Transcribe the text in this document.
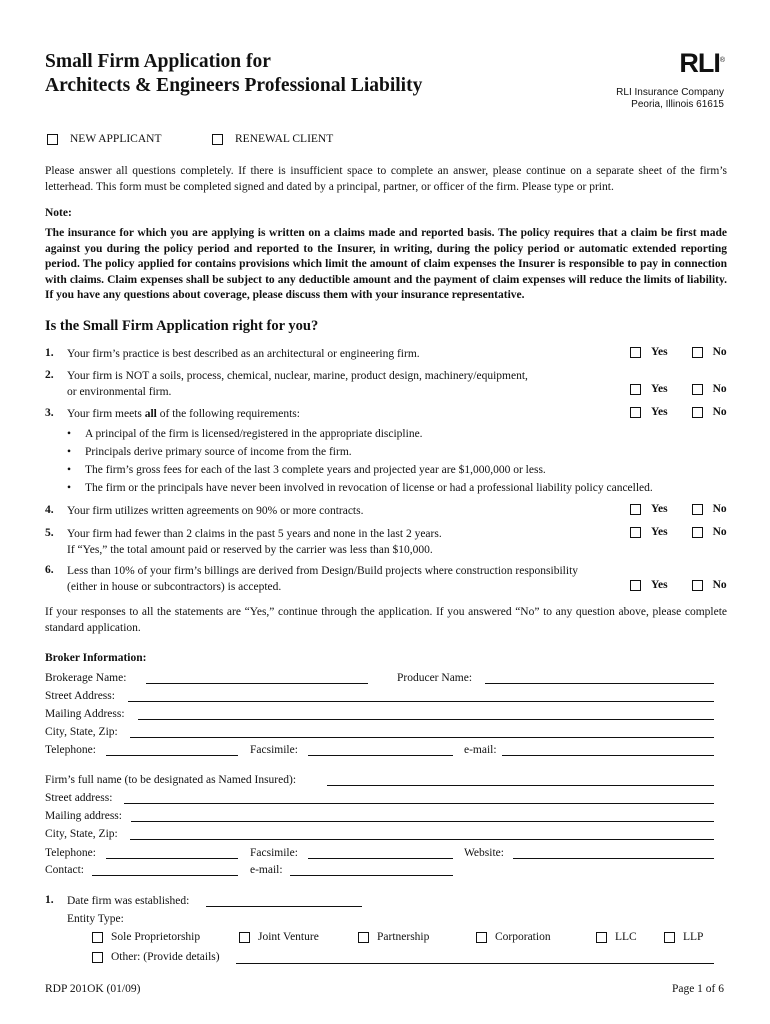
Small Firm Application for
Architects & Engineers Professional Liability
RLI®
RLI Insurance Company
Peoria, Illinois 61615
NEW APPLICANT	RENEWAL CLIENT
Please answer all questions completely. If there is insufficient space to complete an answer, please continue on a separate sheet of the firm’s letterhead. This form must be completed signed and dated by a principal, partner, or officer of the firm. Please type or print.
Note:
The insurance for which you are applying is written on a claims made and reported basis. The policy requires that a claim be first made against you during the policy period and reported to the Insurer, in writing, during the policy period or automatic extended reporting period. The policy applied for contains provisions which limit the amount of claim expenses the Insurer is responsible to pay in connection with claims. Claim expenses shall be subject to any deductible amount and the payment of claim expenses will reduce the limits of liability. If you have any questions about coverage, please discuss them with your insurance representative.
Is the Small Firm Application right for you?
1. Your firm’s practice is best described as an architectural or engineering firm.	Yes	No
2. Your firm is NOT a soils, process, chemical, nuclear, marine, product design, machinery/equipment,
or environmental firm.	Yes	No
3. Your firm meets all of the following requirements:	Yes	No
• A principal of the firm is licensed/registered in the appropriate discipline.
• Principals derive primary source of income from the firm.
• The firm’s gross fees for each of the last 3 complete years and projected year are $1,000,000 or less.
• The firm or the principals have never been involved in revocation of license or had a professional liability policy cancelled.
4. Your firm utilizes written agreements on 90% or more contracts.	Yes	No
5. Your firm had fewer than 2 claims in the past 5 years and none in the last 2 years.
If “Yes,” the total amount paid or reserved by the carrier was less than $10,000.
Yes	No
6. Less than 10% of your firm’s billings are derived from Design/Build projects where construction responsibility
(either in house or subcontractors) is accepted.	Yes	No
If your responses to all the statements are “Yes,” continue through the application. If you answered “No” to any question above, please complete standard application.
Broker Information:
Brokerage Name:	Producer Name:
Street Address:
Mailing Address:
City, State, Zip:
Telephone:	Facsimile:	e-mail:
Firm’s full name (to be designated as Named Insured):
Street address:
Mailing address:
City, State, Zip:
Telephone:	Facsimile:	Website:
Contact:	e-mail:
1. Date firm was established:
Entity Type:
Sole Proprietorship	Joint Venture	Partnership	Corporation	LLC	LLP
Other: (Provide details)
RDP 201OK (01/09)	Page 1 of 6
